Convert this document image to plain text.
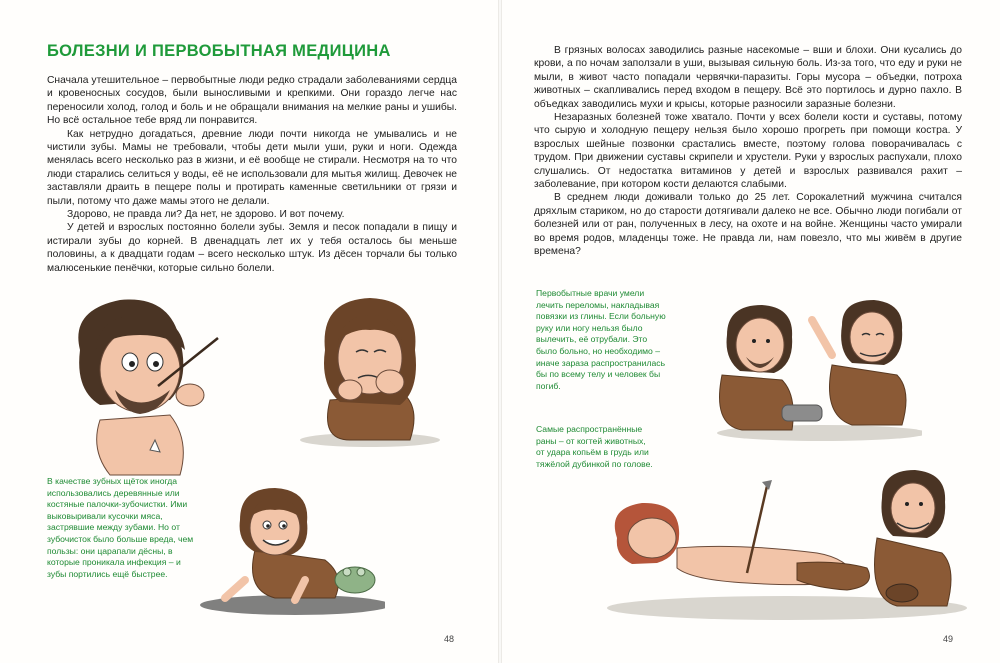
БОЛЕЗНИ И ПЕРВОБЫТНАЯ МЕДИЦИНА

Сначала утешительное – первобытные люди редко страдали заболеваниями сердца и кровеносных сосудов, были выносливыми и крепкими. Они гораздо легче нас переносили холод, голод и боль и не обращали внимания на мелкие раны и ушибы. Но всё остальное тебе вряд ли понравится.

Как нетрудно догадаться, древние люди почти никогда не умывались и не чистили зубы. Мамы не требовали, чтобы дети мыли уши, руки и ноги. Одежда менялась всего несколько раз в жизни, и её вообще не стирали. Несмотря на то что люди старались селиться у воды, её не использовали для мытья жилищ. Девочек не заставляли драить в пещере полы и протирать каменные светильники от грязи и пыли, потому что даже мамы этого не делали.

Здорово, не правда ли? Да нет, не здорово. И вот почему.

У детей и взрослых постоянно болели зубы. Земля и песок попадали в пищу и истирали зубы до корней. В двенадцать лет их у тебя осталось бы меньше половины, а к двадцати годам – всего несколько штук. Из дёсен торчали бы только малюсенькие пенёчки, которые сильно болели.

В качестве зубных щёток иногда использовались деревянные или костяные палочки-зубочистки. Ими выковыривали кусочки мяса, застрявшие между зубами. Но от зубочисток было больше вреда, чем пользы: они царапали дёсны, в которые проникала инфекция – и зубы портились ещё быстрее.
48

В грязных волосах заводились разные насекомые – вши и блохи. Они кусались до крови, а по ночам заползали в уши, вызывая сильную боль. Из-за того, что еду и руки не мыли, в живот часто попадали червячки-паразиты. Горы мусора – объедки, потроха животных – скапливались перед входом в пещеру. Всё это портилось и дурно пахло. В объедках заводились мухи и крысы, которые разносили заразные болезни.

Незаразных болезней тоже хватало. Почти у всех болели кости и суставы, потому что сырую и холодную пещеру нельзя было хорошо прогреть при помощи костра. У взрослых шейные позвонки срастались вместе, поэтому голова поворачивалась с трудом. При движении суставы скрипели и хрустели. Руки у взрослых распухали, плохо слушались. От недостатка витаминов у детей и взрослых развивался рахит – заболевание, при котором кости делаются слабыми.

В среднем люди доживали только до 25 лет. Сорокалетний мужчина считался дряхлым стариком, но до старости дотягивали далеко не все. Обычно люди погибали от болезней или от ран, полученных в лесу, на охоте и на войне. Женщины часто умирали во время родов, младенцы тоже. Не правда ли, нам повезло, что мы живём в другие времена?

Первобытные врачи умели лечить переломы, накладывая повязки из глины. Если больную руку или ногу нельзя было вылечить, её отрубали. Это было больно, но необходимо – иначе зараза распространилась бы по всему телу и человек бы погиб.
Самые распространённые раны – от когтей животных, от удара копьём в грудь или тяжёлой дубинкой по голове.
49
